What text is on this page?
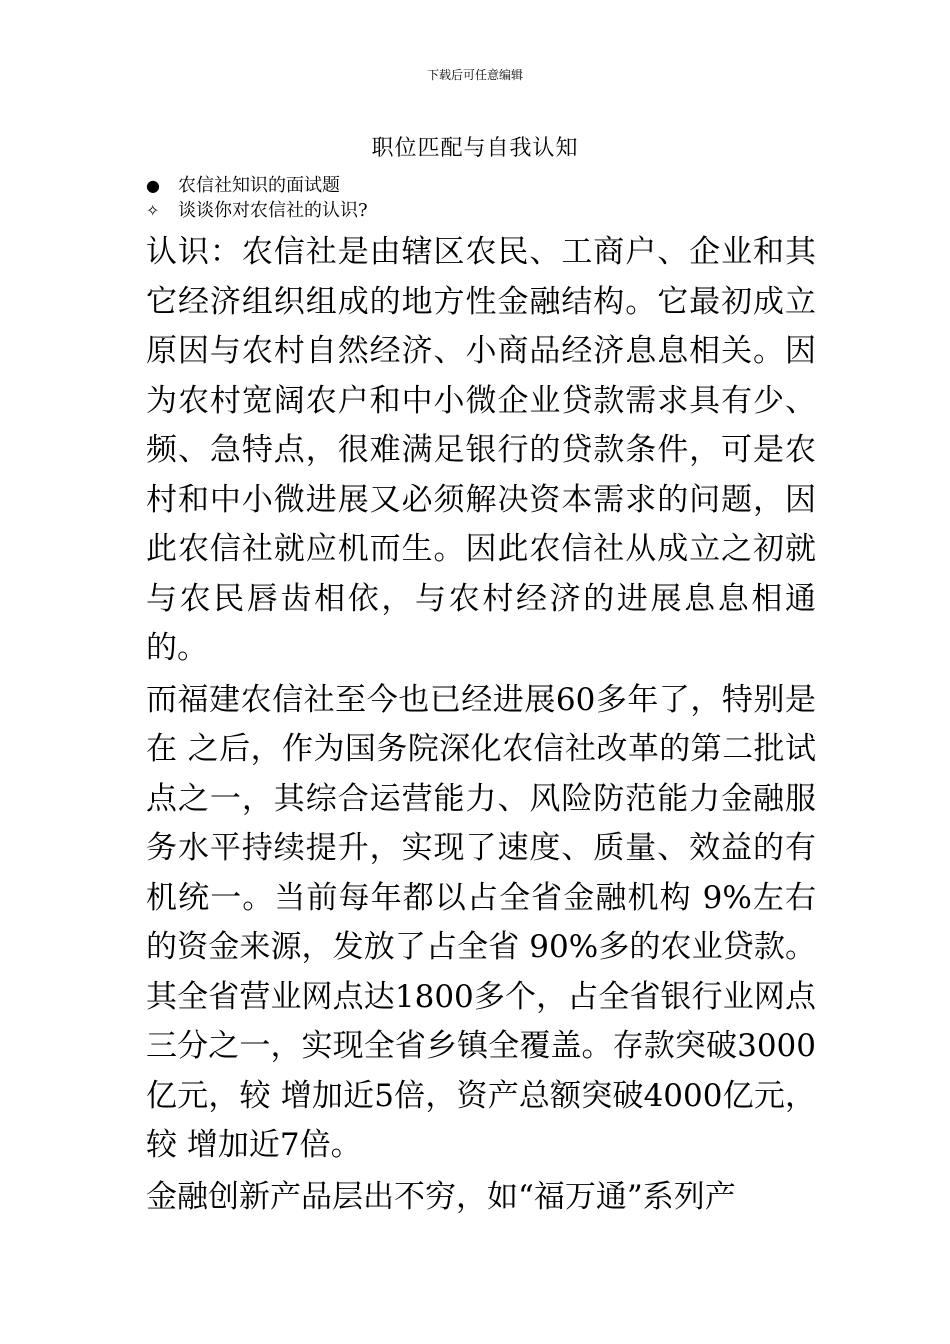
下载后可任意编辑
职位匹配与自我认知
● 农信社知识的面试题
✧ 谈谈你对农信社的认识?

认识：农信社是由辖区农民、工商户、企业和其它经济组织组成的地方性金融结构。它最初成立原因与农村自然经济、小商品经济息息相关。因为农村宽阔农户和中小微企业贷款需求具有少、频、急特点，很难满足银行的贷款条件，可是农村和中小微进展又必须解决资本需求的问题，因此农信社就应机而生。因此农信社从成立之初就与农民唇齿相依，与农村经济的进展息息相通的。

而福建农信社至今也已经进展60多年了，特别是在 之后，作为国务院深化农信社改革的第二批试点之一，其综合运营能力、风险防范能力金融服务水平持续提升，实现了速度、质量、效益的有机统一。当前每年都以占全省金融机构 9%左右的资金来源，发放了占全省 90%多的农业贷款。其全省营业网点达1800多个，占全省银行业网点三分之一，实现全省乡镇全覆盖。存款突破3000亿元，较 增加近5倍，资产总额突破4000亿元，较 增加近7倍。

金融创新产品层出不穷，如“福万通”系列产
